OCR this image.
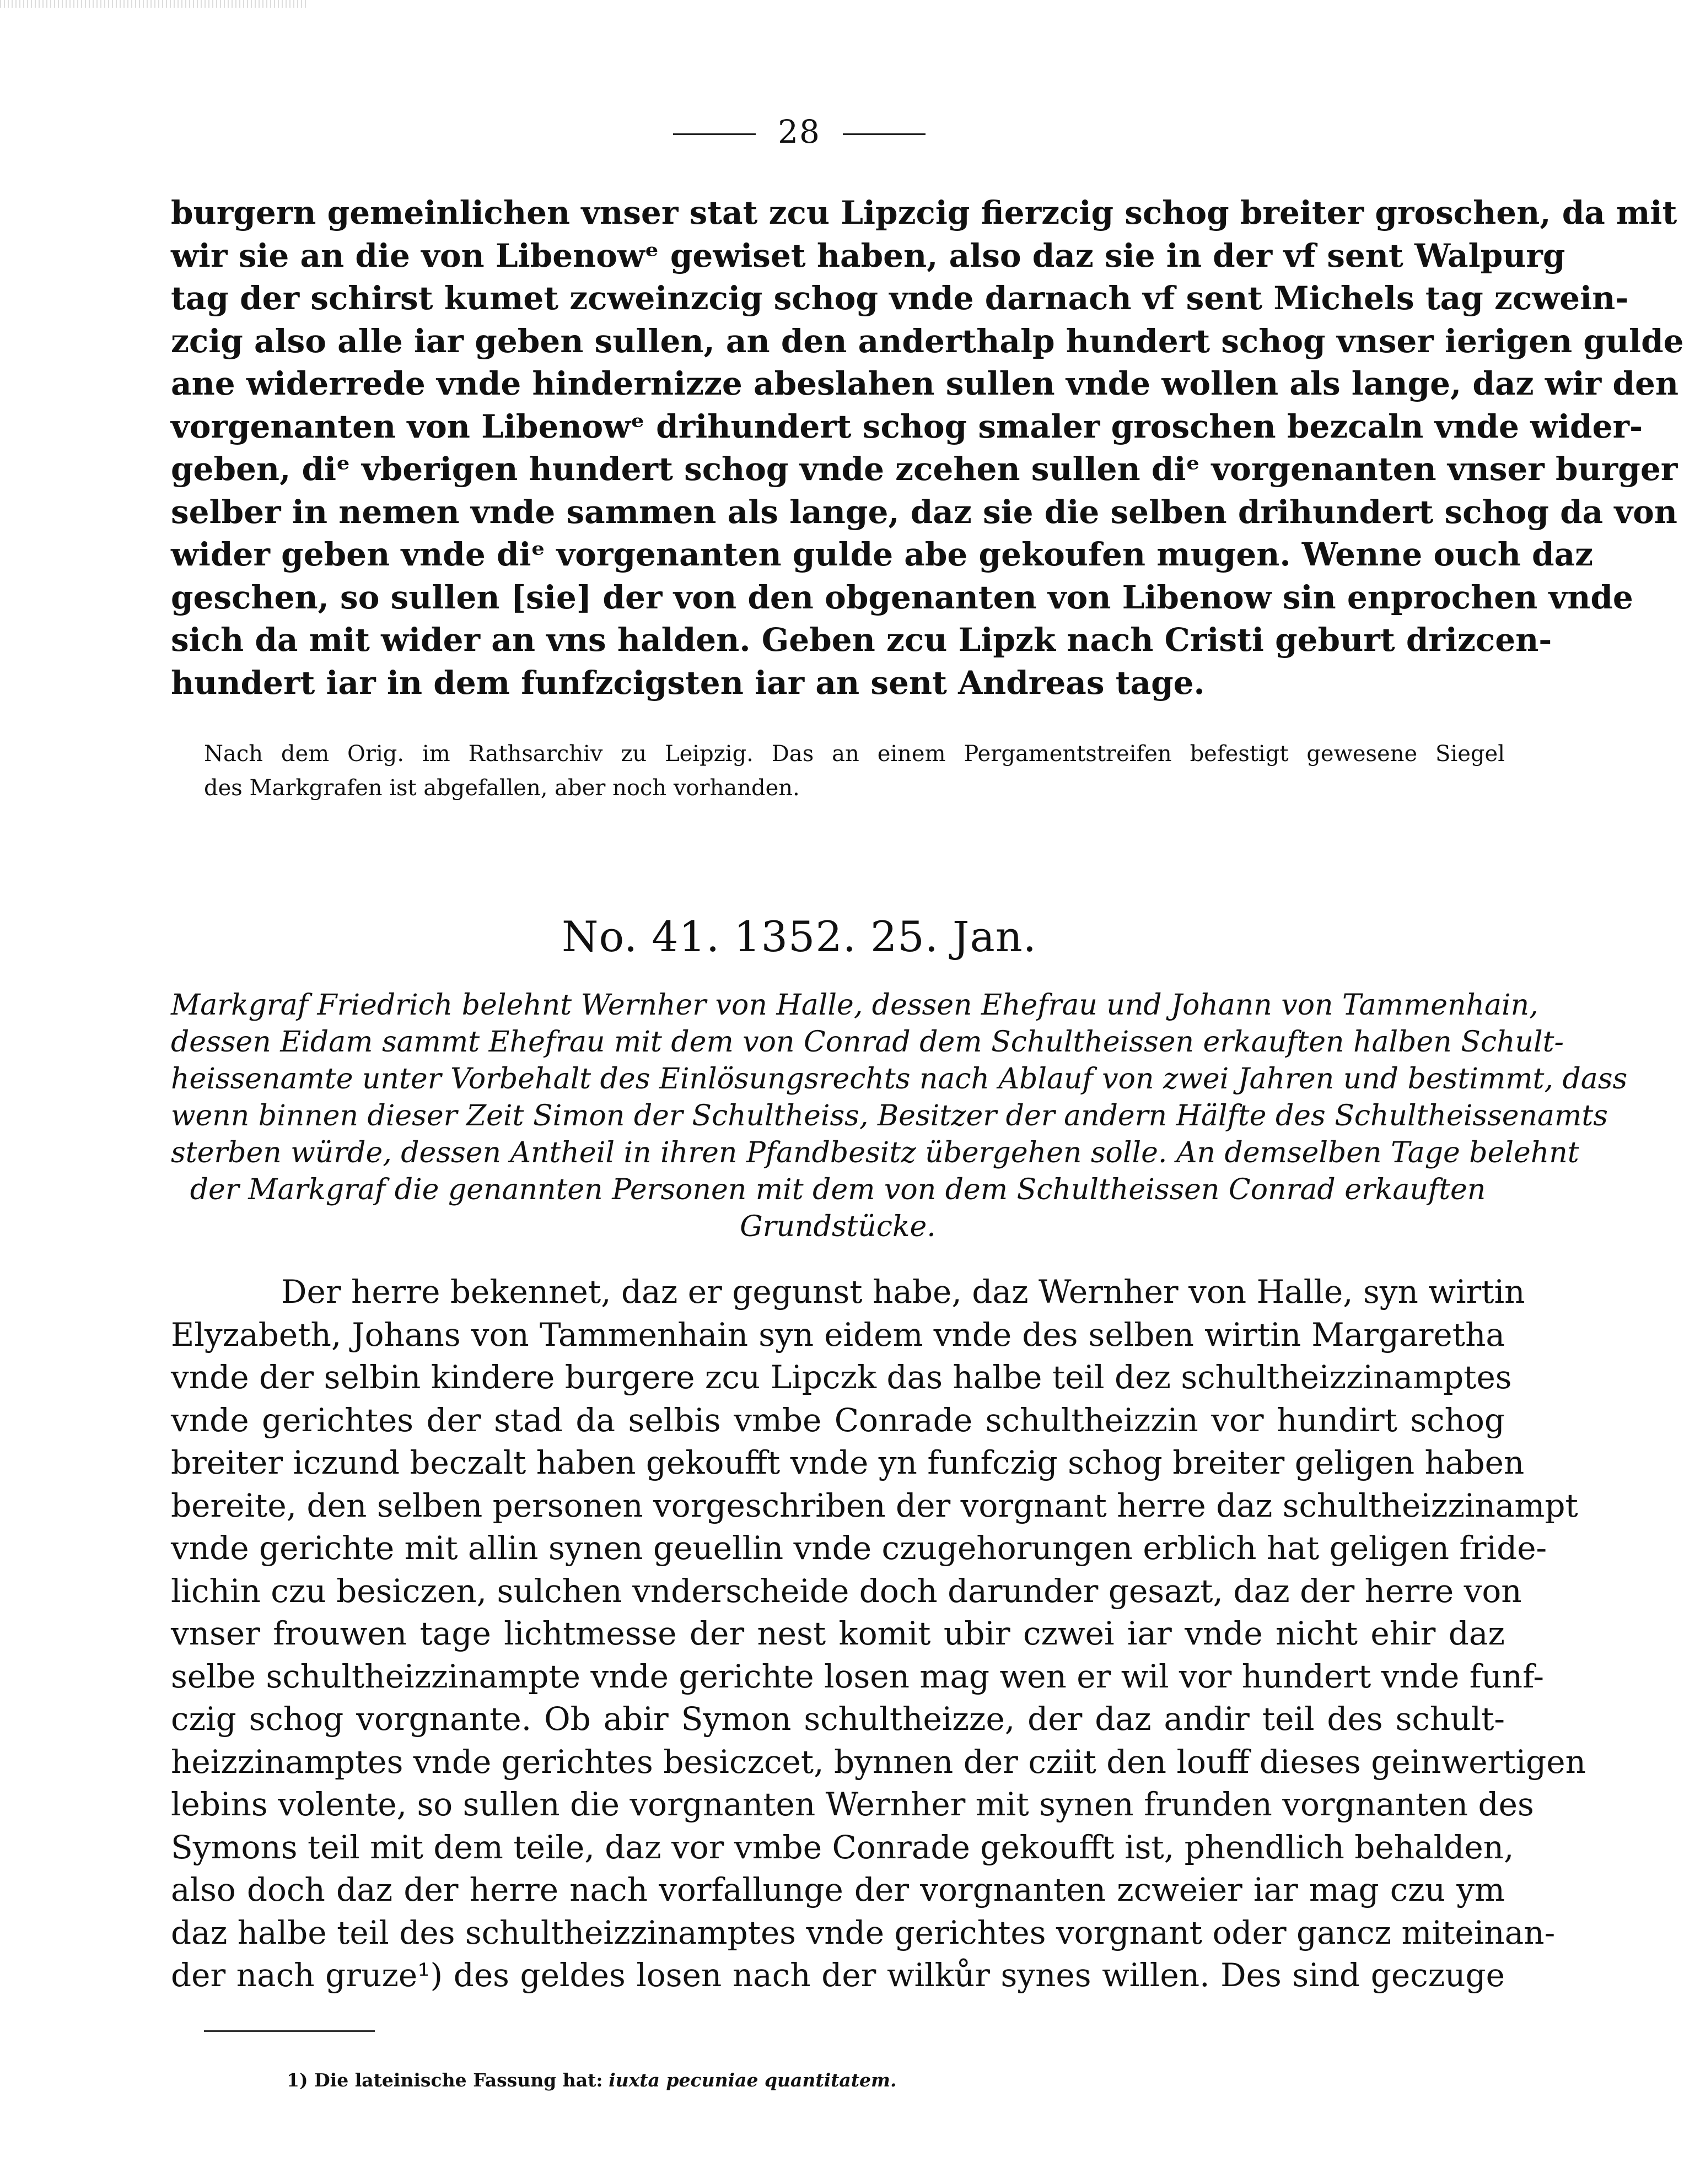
28
burgern gemeinlichen vnser stat zcu Lipzcig fierzcig schog breiter groschen, da mit
wir sie an die von Libenowᵉ gewiset haben, also daz sie in der vf sent Walpurg
tag der schirst kumet zcweinzcig schog vnde darnach vf sent Michels tag zcwein-
zcig also alle iar geben sullen, an den anderthalp hundert schog vnser ierigen gulde
ane widerrede vnde hindernizze abeslahen sullen vnde wollen als lange, daz wir den
vorgenanten von Libenowᵉ drihundert schog smaler groschen bezcaln vnde wider-
geben, diᵉ vberigen hundert schog vnde zcehen sullen diᵉ vorgenanten vnser burger
selber in nemen vnde sammen als lange, daz sie die selben drihundert schog da von
wider geben vnde diᵉ vorgenanten gulde abe gekoufen mugen. Wenne ouch daz
geschen, so sullen [sie] der von den obgenanten von Libenow sin enprochen vnde
sich da mit wider an vns halden. Geben zcu Lipzk nach Cristi geburt drizcen-
hundert iar in dem funfzcigsten iar an sent Andreas tage.
Nach dem Orig. im Rathsarchiv zu Leipzig. Das an einem Pergamentstreifen befestigt gewesene Siegel
des Markgrafen ist abgefallen, aber noch vorhanden.
No. 41. 1352. 25. Jan.
Markgraf Friedrich belehnt Wernher von Halle, dessen Ehefrau und Johann von Tammenhain,
dessen Eidam sammt Ehefrau mit dem von Conrad dem Schultheissen erkauften halben Schult-
heissenamte unter Vorbehalt des Einlösungsrechts nach Ablauf von zwei Jahren und bestimmt, dass
wenn binnen dieser Zeit Simon der Schultheiss, Besitzer der andern Hälfte des Schultheissenamts
sterben würde, dessen Antheil in ihren Pfandbesitz übergehen solle. An demselben Tage belehnt
der Markgraf die genannten Personen mit dem von dem Schultheissen Conrad erkauften
Grundstücke.
Der herre bekennet, daz er gegunst habe, daz Wernher von Halle, syn wirtin
Elyzabeth, Johans von Tammenhain syn eidem vnde des selben wirtin Margaretha
vnde der selbin kindere burgere zcu Lipczk das halbe teil dez schultheizzinamptes
vnde gerichtes der stad da selbis vmbe Conrade schultheizzin vor hundirt schog
breiter iczund beczalt haben gekoufft vnde yn funfczig schog breiter geligen haben
bereite, den selben personen vorgeschriben der vorgnant herre daz schultheizzinampt
vnde gerichte mit allin synen geuellin vnde czugehorungen erblich hat geligen fride-
lichin czu besiczen, sulchen vnderscheide doch darunder gesazt, daz der herre von
vnser frouwen tage lichtmesse der nest komit ubir czwei iar vnde nicht ehir daz
selbe schultheizzinampte vnde gerichte losen mag wen er wil vor hundert vnde funf-
czig schog vorgnante. Ob abir Symon schultheizze, der daz andir teil des schult-
heizzinamptes vnde gerichtes besiczcet, bynnen der cziit den louff dieses geinwertigen
lebins volente, so sullen die vorgnanten Wernher mit synen frunden vorgnanten des
Symons teil mit dem teile, daz vor vmbe Conrade gekoufft ist, phendlich behalden,
also doch daz der herre nach vorfallunge der vorgnanten zcweier iar mag czu ym
daz halbe teil des schultheizzinamptes vnde gerichtes vorgnant oder gancz miteinan-
der nach gruze¹) des geldes losen nach der wilkůr synes willen. Des sind geczuge
1) Die lateinische Fassung hat: iuxta pecuniae quantitatem.
